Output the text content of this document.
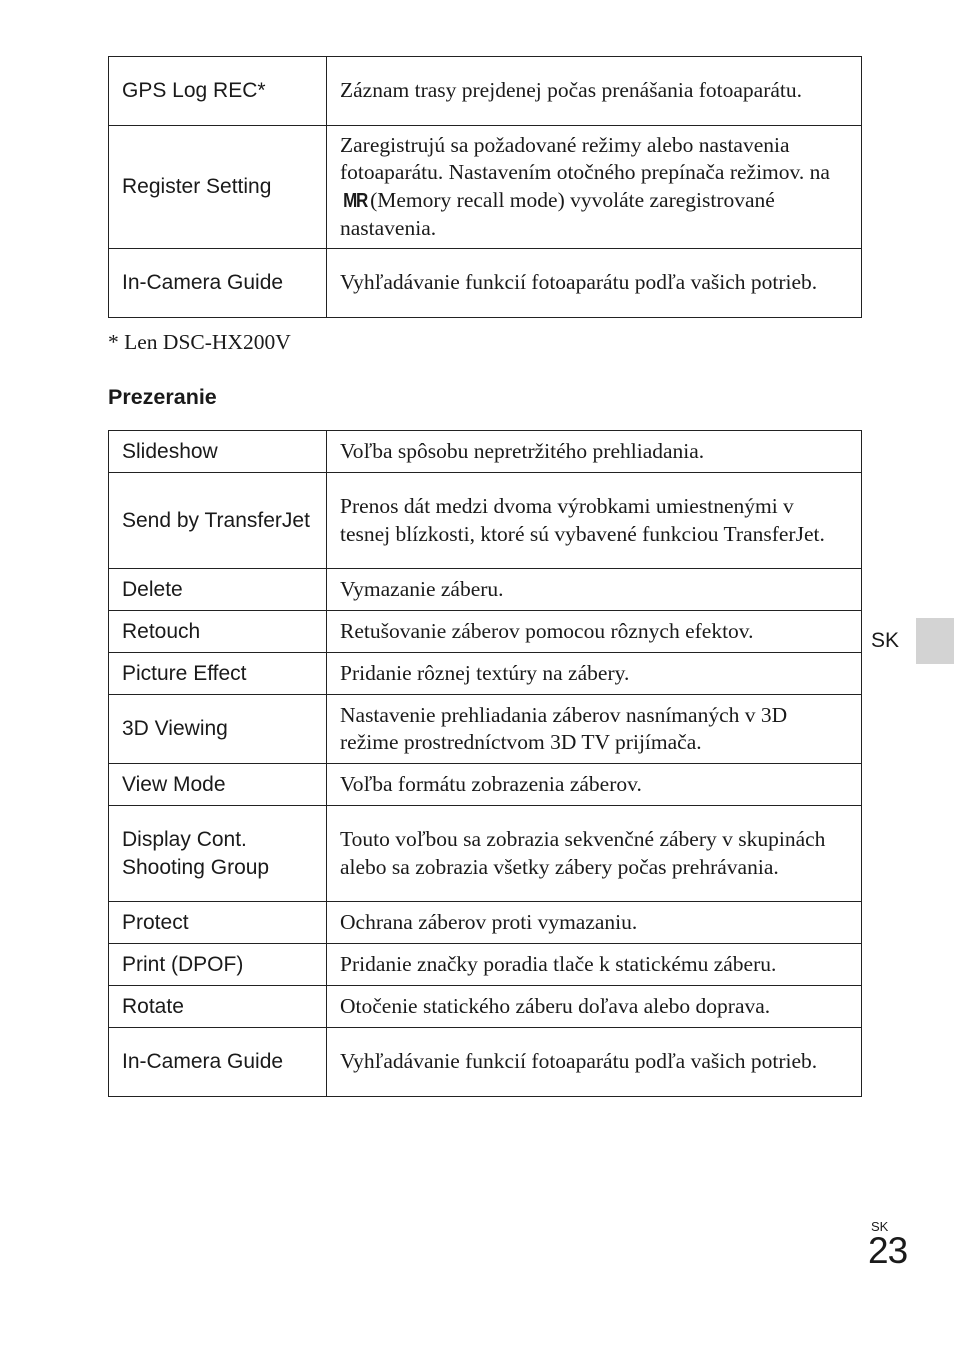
GPS Log REC*	Záznam trasy prejdenej počas prenášania fotoaparátu.
Register Setting	Zaregistrujú sa požadované režimy alebo nastavenia fotoaparátu. Nastavením otočného prepínača režimov. na MR (Memory recall mode) vyvoláte zaregistrované nastavenia.
In-Camera Guide	Vyhľadávanie funkcií fotoaparátu podľa vašich potrieb.
* Len DSC-HX200V
Prezeranie
Slideshow	Voľba spôsobu nepretržitého prehliadania.
Send by TransferJet	Prenos dát medzi dvoma výrobkami umiestnenými v tesnej blízkosti, ktoré sú vybavené funkciou TransferJet.
Delete	Vymazanie záberu.
Retouch	Retušovanie záberov pomocou rôznych efektov.
Picture Effect	Pridanie rôznej textúry na zábery.
3D Viewing	Nastavenie prehliadania záberov nasnímaných v 3D režime prostredníctvom 3D TV prijímača.
View Mode	Voľba formátu zobrazenia záberov.
Display Cont. Shooting Group	Touto voľbou sa zobrazia sekvenčné zábery v skupinách alebo sa zobrazia všetky zábery počas prehrávania.
Protect	Ochrana záberov proti vymazaniu.
Print (DPOF)	Pridanie značky poradia tlače k statickému záberu.
Rotate	Otočenie statického záberu doľava alebo doprava.
In-Camera Guide	Vyhľadávanie funkcií fotoaparátu podľa vašich potrieb.
SK
SK
23
